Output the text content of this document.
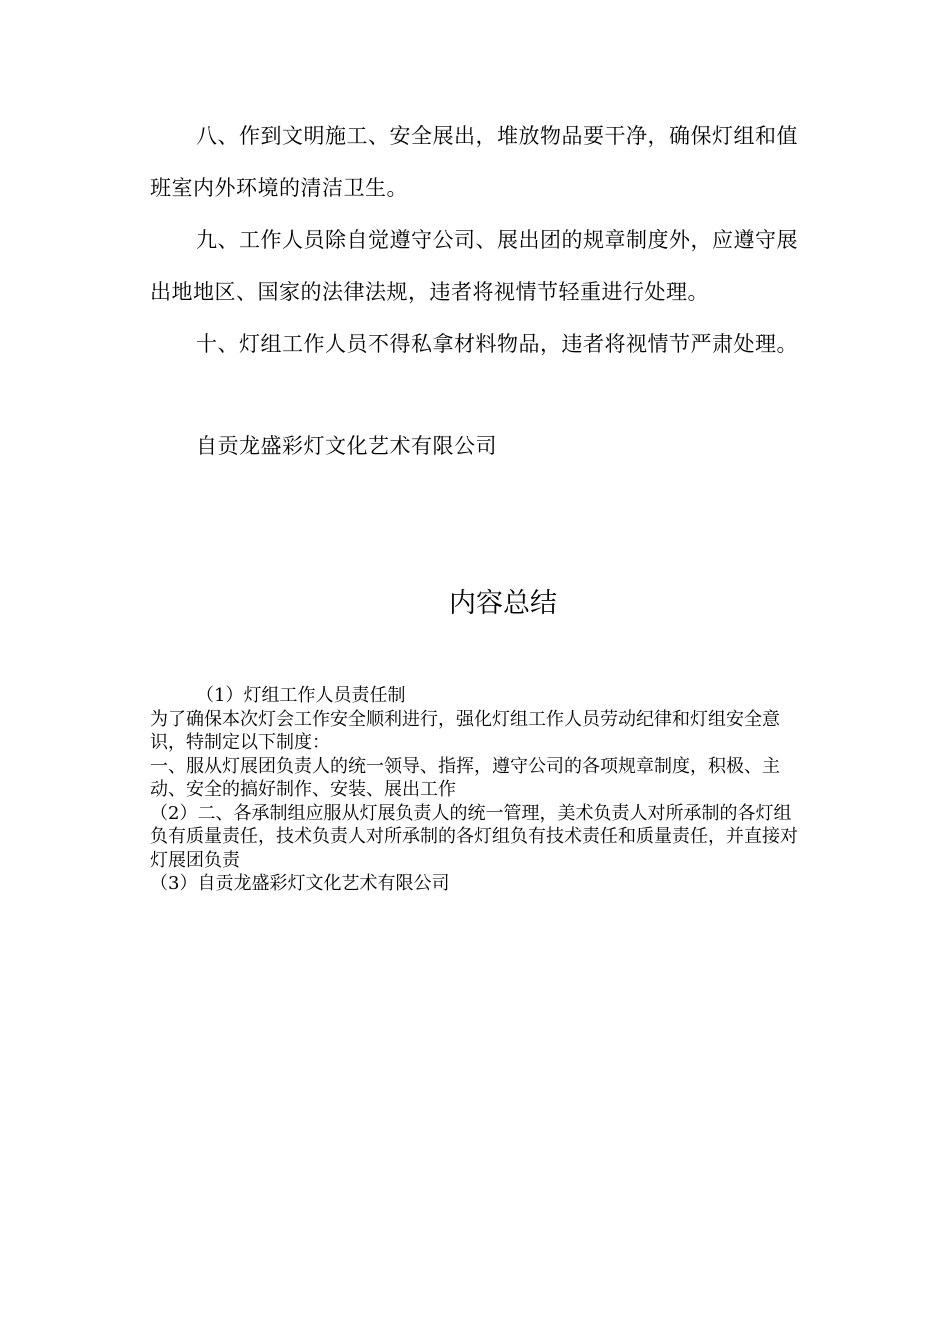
八、作到文明施工、安全展出，堆放物品要干净，确保灯组和值班室内外环境的清洁卫生。

九、工作人员除自觉遵守公司、展出团的规章制度外，应遵守展出地地区、国家的法律法规，违者将视情节轻重进行处理。

十、灯组工作人员不得私拿材料物品，违者将视情节严肃处理。

自贡龙盛彩灯文化艺术有限公司

内容总结

（1）灯组工作人员责任制

为了确保本次灯会工作安全顺利进行，强化灯组工作人员劳动纪律和灯组安全意识，特制定以下制度：

一、服从灯展团负责人的统一领导、指挥，遵守公司的各项规章制度，积极、主动、安全的搞好制作、安装、展出工作

（2）二、各承制组应服从灯展负责人的统一管理，美术负责人对所承制的各灯组负有质量责任，技术负责人对所承制的各灯组负有技术责任和质量责任，并直接对灯展团负责

（3）自贡龙盛彩灯文化艺术有限公司
